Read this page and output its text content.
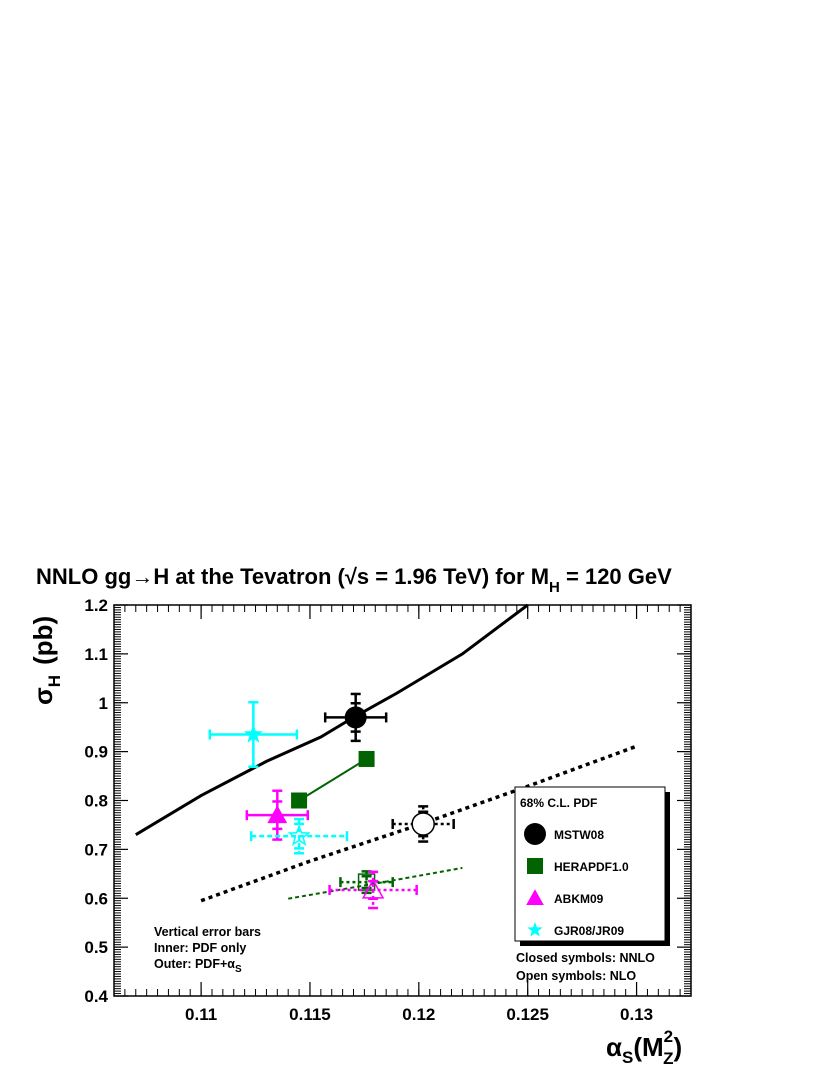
NNLO gg→H at the Tevatron (√s = 1.96 TeV) for $M_H = 120$ GeV
0.11	0.115	0.12	0.125	0.13
0.4
0.5
0.6
0.7
0.8
0.9
1
1.1
1.2
$\sigma_H(pb)$
$\alpha_S(M^2$ Z)
Vertical error bars
Inner: PDF only
Outer: $PDF+\alpha_S$
68% C.L. PDF
MSTW08
HERAPDF1.0
ABKM09
GJR08/JR09
Closed symbols: NNLO
Open symbols: NLO
